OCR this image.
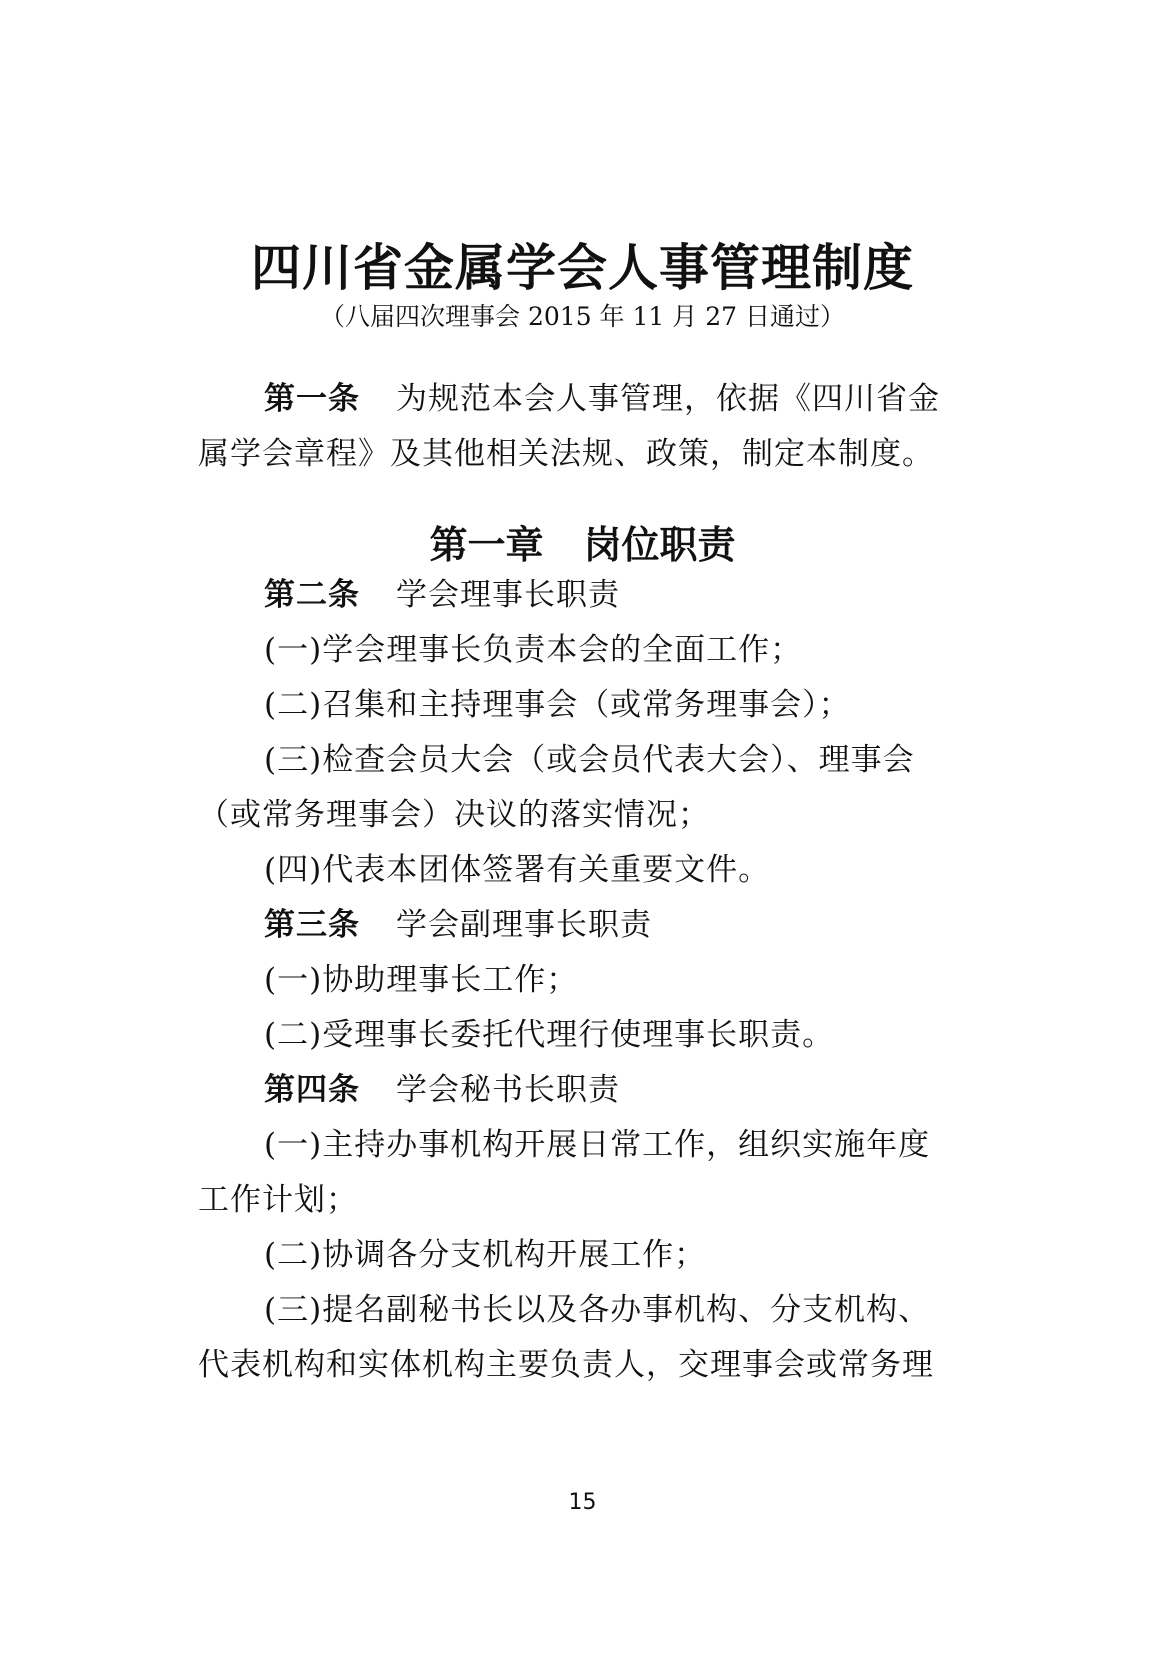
四川省金属学会人事管理制度
（八届四次理事会 2015 年 11 月 27 日通过）
第一条 为规范本会人事管理，依据《四川省金
属学会章程》及其他相关法规、政策，制定本制度。
第一章 岗位职责
第二条 学会理事长职责
(一)学会理事长负责本会的全面工作；
(二)召集和主持理事会（或常务理事会）；
(三)检查会员大会（或会员代表大会）、理事会
（或常务理事会）决议的落实情况；
(四)代表本团体签署有关重要文件。
第三条 学会副理事长职责
(一)协助理事长工作；
(二)受理事长委托代理行使理事长职责。
第四条 学会秘书长职责
(一)主持办事机构开展日常工作，组织实施年度
工作计划；
(二)协调各分支机构开展工作；
(三)提名副秘书长以及各办事机构、分支机构、
代表机构和实体机构主要负责人，交理事会或常务理
15
